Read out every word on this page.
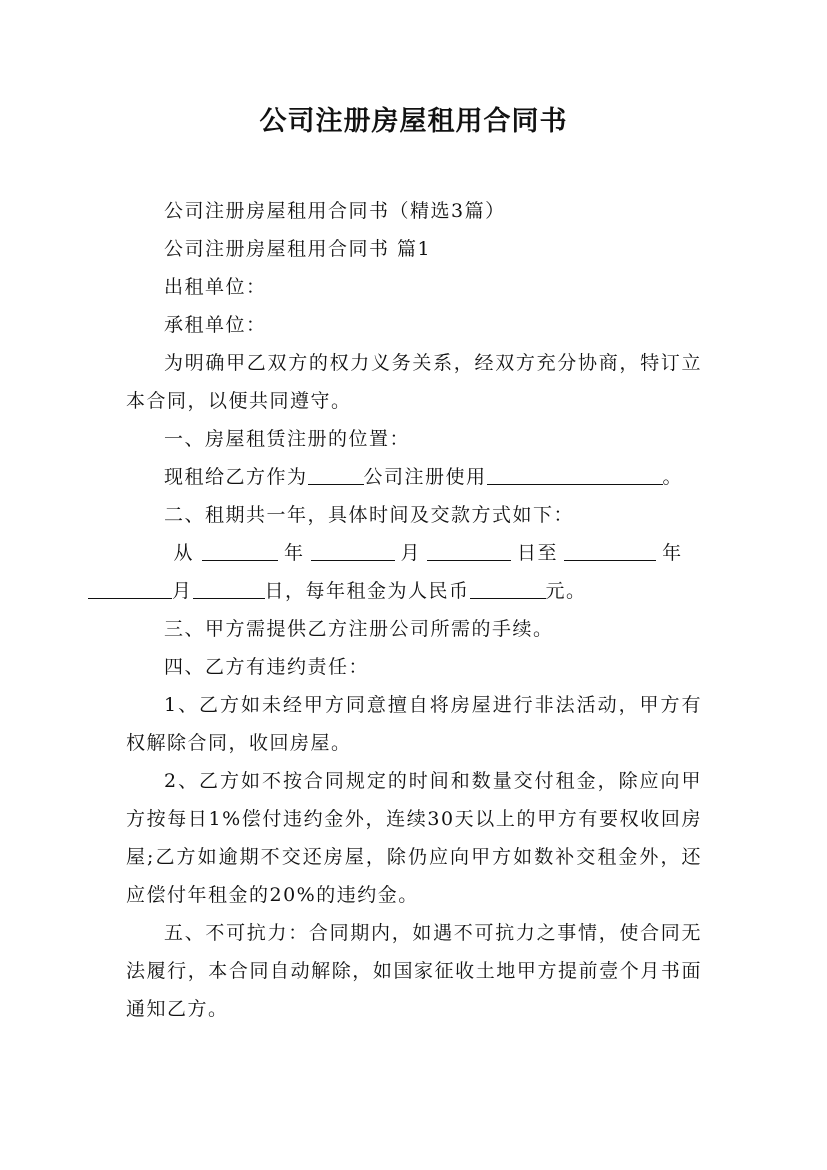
公司注册房屋租用合同书

公司注册房屋租用合同书（精选3篇）

公司注册房屋租用合同书 篇1

出租单位：

承租单位：

为明确甲乙双方的权力义务关系，经双方充分协商，特订立本合同，以便共同遵守。

一、房屋租赁注册的位置：

现租给乙方作为	公司注册使用	。

二、租期共一年，具体时间及交款方式如下：

从	年	月	日至	年
月	日，每年租金为人民币	元。

三、甲方需提供乙方注册公司所需的手续。

四、乙方有违约责任：

1、乙方如未经甲方同意擅自将房屋进行非法活动，甲方有权解除合同，收回房屋。

2、乙方如不按合同规定的时间和数量交付租金，除应向甲方按每日1%偿付违约金外，连续30天以上的甲方有要权收回房屋;乙方如逾期不交还房屋，除仍应向甲方如数补交租金外，还应偿付年租金的20%的违约金。

五、不可抗力：合同期内，如遇不可抗力之事情，使合同无法履行，本合同自动解除，如国家征收土地甲方提前壹个月书面通知乙方。
